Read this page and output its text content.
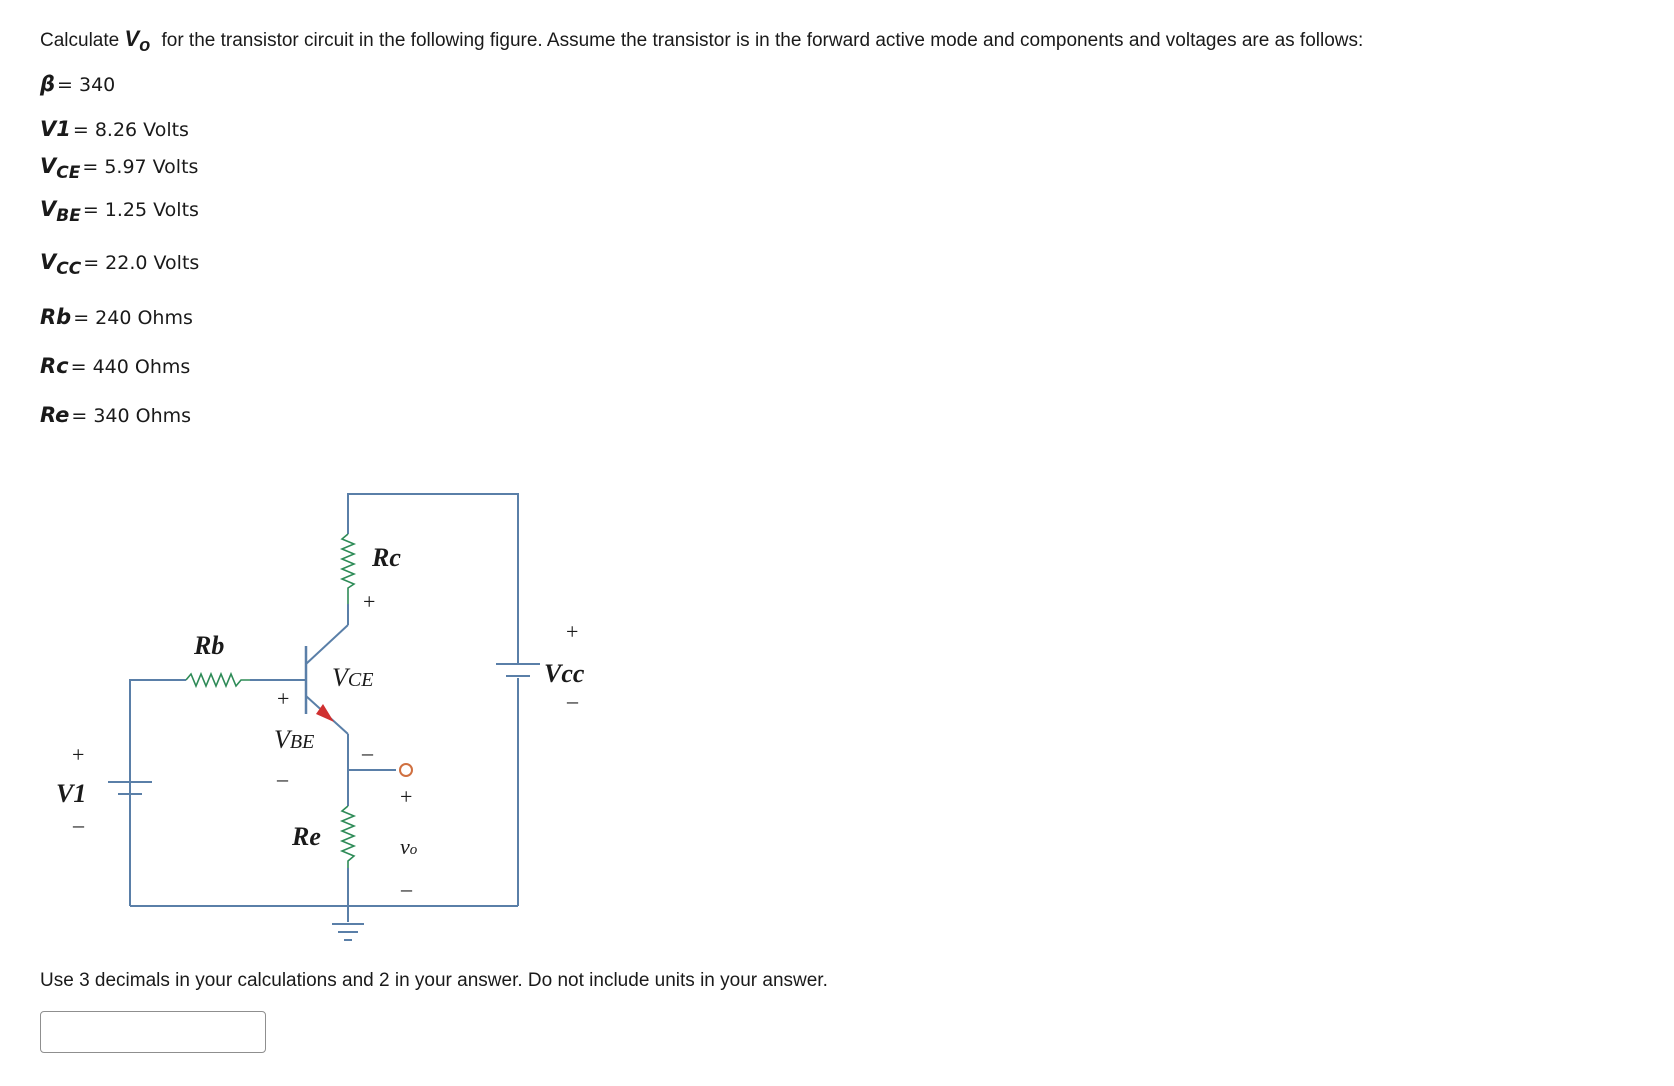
Calculate Vo for the transistor circuit in the following figure. Assume the transistor is in the forward active mode and components and voltages are as follows:
β = 340
V1 = 8.26 Volts
VCE = 5.97 Volts
VBE = 1.25 Volts
VCC = 22.0 Volts
Rb = 240 Ohms
Rc = 440 Ohms
Re = 340 Ohms
Rc
Rb
Re
Vcc
V1
VCE
VBE
vo
+
+
–
+
–
+
–
–
+
–
Use 3 decimals in your calculations and 2 in your answer. Do not include units in your answer.
